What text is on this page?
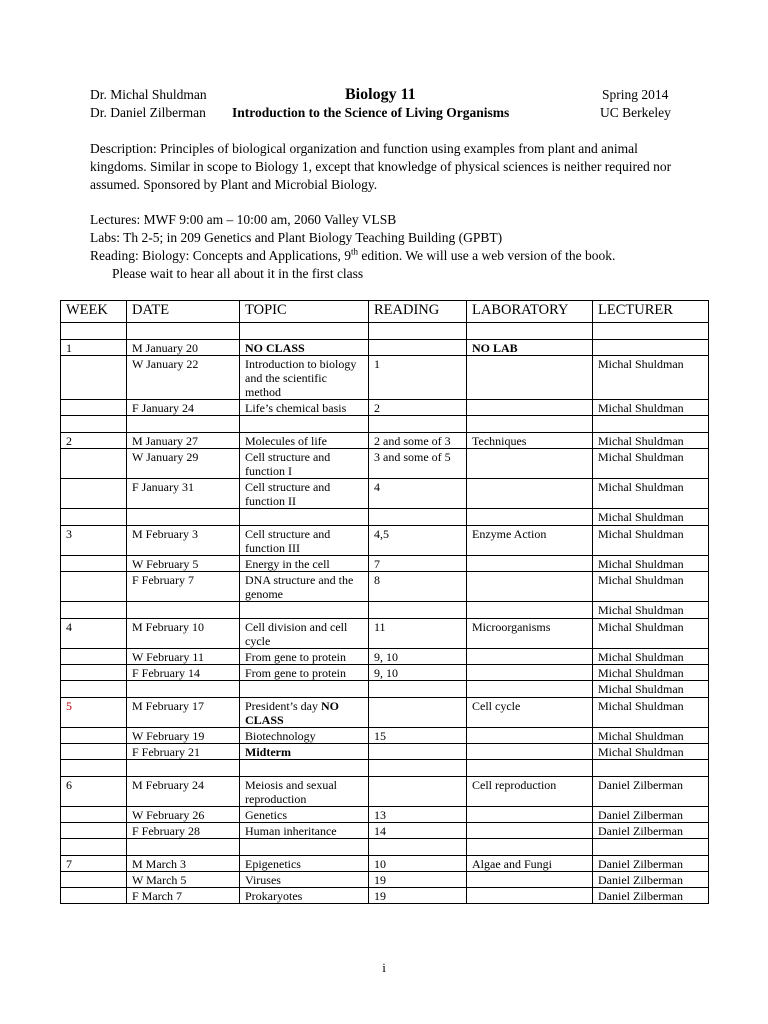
Dr. Michal Shuldman	Biology 11	Spring 2014
Dr. Daniel Zilberman Introduction to the Science of Living Organisms	UC Berkeley
Description: Principles of biological organization and function using examples from plant and animal kingdoms. Similar in scope to Biology 1, except that knowledge of physical sciences is neither required nor assumed. Sponsored by Plant and Microbial Biology.
Lectures: MWF 9:00 am – 10:00 am, 2060 Valley VLSB
Labs: Th 2-5; in 209 Genetics and Plant Biology Teaching Building (GPBT)
Reading: Biology: Concepts and Applications, 9th edition. We will use a web version of the book.
Please wait to hear all about it in the first class
WEEK	DATE	TOPIC	READING	LABORATORY	LECTURER

1	M January 20	NO CLASS		NO LAB	
	W January 22	Introduction to biology and the scientific method	1		Michal Shuldman
	F January 24	Life’s chemical basis	2		Michal Shuldman

2	M January 27	Molecules of life	2 and some of 3	Techniques	Michal Shuldman
	W January 29	Cell structure and function I	3 and some of 5		Michal Shuldman
	F January 31	Cell structure and function II	4		Michal Shuldman
					Michal Shuldman
3	M February 3	Cell structure and function III	4,5	Enzyme Action	Michal Shuldman
	W February 5	Energy in the cell	7		Michal Shuldman
	F February 7	DNA structure and the genome	8		Michal Shuldman
					Michal Shuldman
4	M February 10	Cell division and cell cycle	11	Microorganisms	Michal Shuldman
	W February 11	From gene to protein	9, 10		Michal Shuldman
	F February 14	From gene to protein	9, 10		Michal Shuldman
					Michal Shuldman
5	M February 17	President’s day NO CLASS		Cell cycle	Michal Shuldman
	W February 19	Biotechnology	15		Michal Shuldman
	F February 21	Midterm			Michal Shuldman

6	M February 24	Meiosis and sexual reproduction		Cell reproduction	Daniel Zilberman
	W February 26	Genetics	13		Daniel Zilberman
	F February 28	Human inheritance	14		Daniel Zilberman

7	M March 3	Epigenetics	10	Algae and Fungi	Daniel Zilberman
	W March 5	Viruses	19		Daniel Zilberman
	F March 7	Prokaryotes	19		Daniel Zilberman
i
